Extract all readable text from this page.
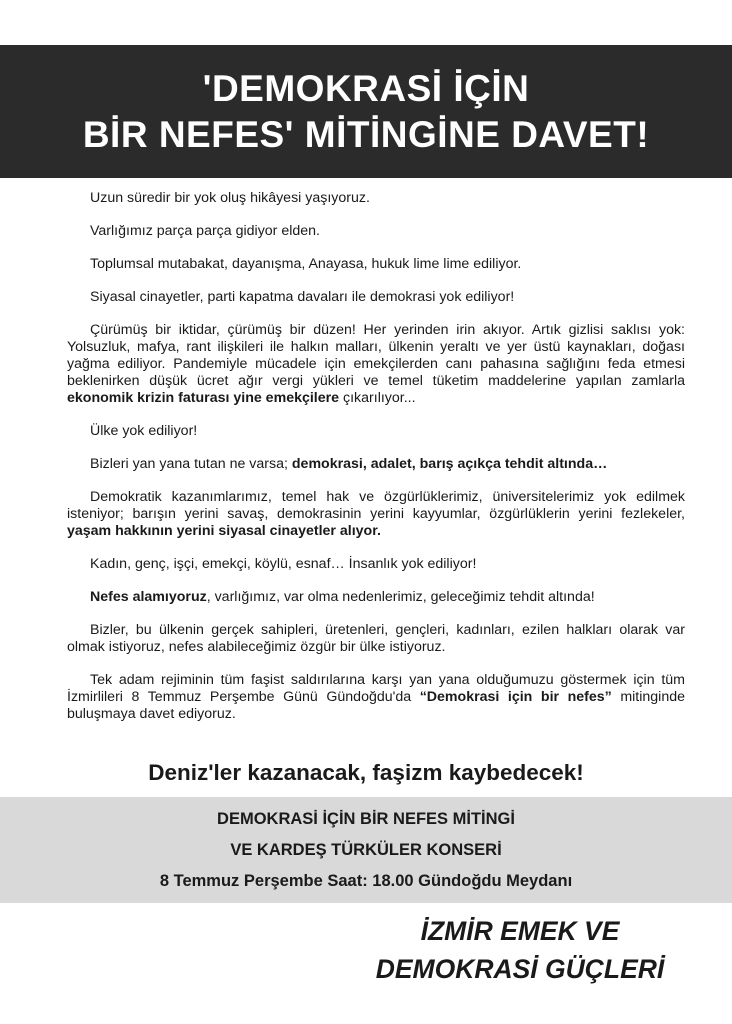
'DEMOKRASİ İÇİN
BİR NEFES' MİTİNGİNE DAVET!

Uzun süredir bir yok oluş hikâyesi yaşıyoruz.

Varlığımız parça parça gidiyor elden.

Toplumsal mutabakat, dayanışma, Anayasa, hukuk lime lime ediliyor.

Siyasal cinayetler, parti kapatma davaları ile demokrasi yok ediliyor!

Çürümüş bir iktidar, çürümüş bir düzen! Her yerinden irin akıyor. Artık gizlisi saklısı yok: Yolsuzluk, mafya, rant ilişkileri ile halkın malları, ülkenin yeraltı ve yer üstü kaynakları, doğası yağma ediliyor. Pandemiyle mücadele için emekçilerden canı pahasına sağlığını feda etmesi beklenirken düşük ücret ağır vergi yükleri ve temel tüketim maddelerine yapılan zamlarla ekonomik krizin faturası yine emekçilere çıkarılıyor...

Ülke yok ediliyor!

Bizleri yan yana tutan ne varsa; demokrasi, adalet, barış açıkça tehdit altında…

Demokratik kazanımlarımız, temel hak ve özgürlüklerimiz, üniversitelerimiz yok edilmek isteniyor; barışın yerini savaş, demokrasinin yerini kayyumlar, özgürlüklerin yerini fezlekeler, yaşam hakkının yerini siyasal cinayetler alıyor.

Kadın, genç, işçi, emekçi, köylü, esnaf… İnsanlık yok ediliyor!

Nefes alamıyoruz, varlığımız, var olma nedenlerimiz, geleceğimiz tehdit altında!

Bizler, bu ülkenin gerçek sahipleri, üretenleri, gençleri, kadınları, ezilen halkları olarak var olmak istiyoruz, nefes alabileceğimiz özgür bir ülke istiyoruz.

Tek adam rejiminin tüm faşist saldırılarına karşı yan yana olduğumuzu göstermek için tüm İzmirlileri 8 Temmuz Perşembe Günü Gündoğdu'da “Demokrasi için bir nefes” mitinginde buluşmaya davet ediyoruz.

Deniz'ler kazanacak, faşizm kaybedecek!
DEMOKRASİ İÇİN BİR NEFES MİTİNGİ
VE KARDEŞ TÜRKÜLER KONSERİ
8 Temmuz Perşembe Saat: 18.00 Gündoğdu Meydanı
İZMİR EMEK VE
DEMOKRASİ GÜÇLERİ
